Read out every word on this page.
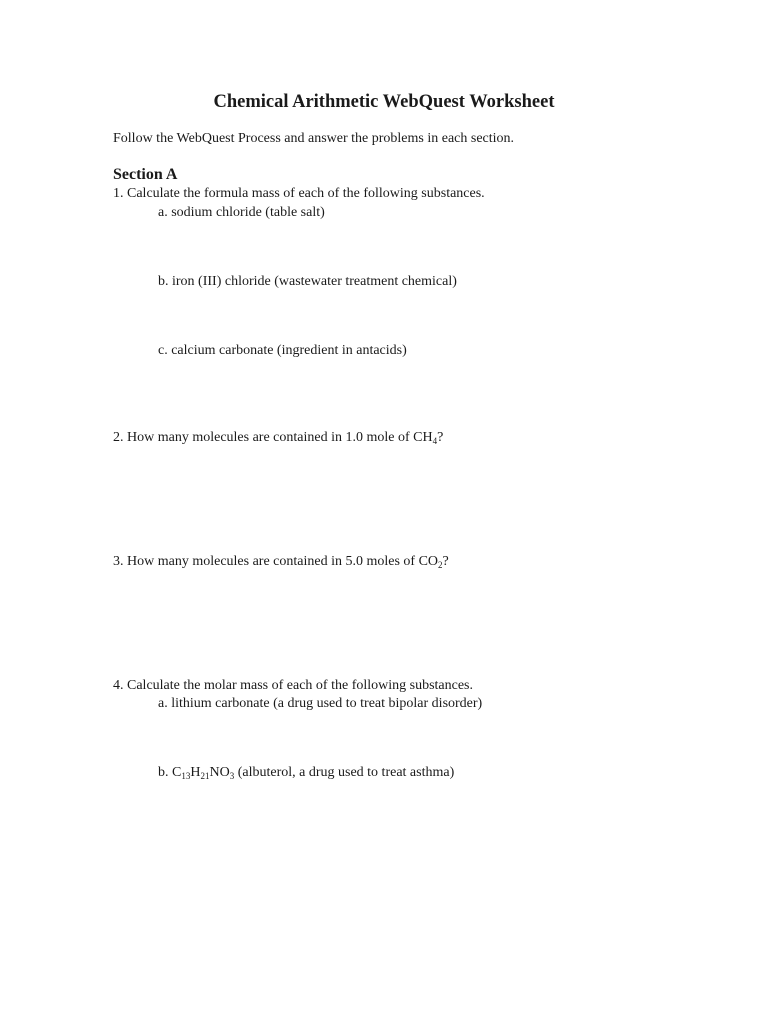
Chemical Arithmetic WebQuest Worksheet
Follow the WebQuest Process and answer the problems in each section.
Section A
1. Calculate the formula mass of each of the following substances.
a. sodium chloride (table salt)
b. iron (III) chloride (wastewater treatment chemical)
c. calcium carbonate (ingredient in antacids)
2. How many molecules are contained in 1.0 mole of $CH_4$?
3. How many molecules are contained in 5.0 moles of $CO_2$?
4. Calculate the molar mass of each of the following substances.
a. lithium carbonate (a drug used to treat bipolar disorder)
b. $C_{13}H_{21}NO_3$ (albuterol, a drug used to treat asthma)
